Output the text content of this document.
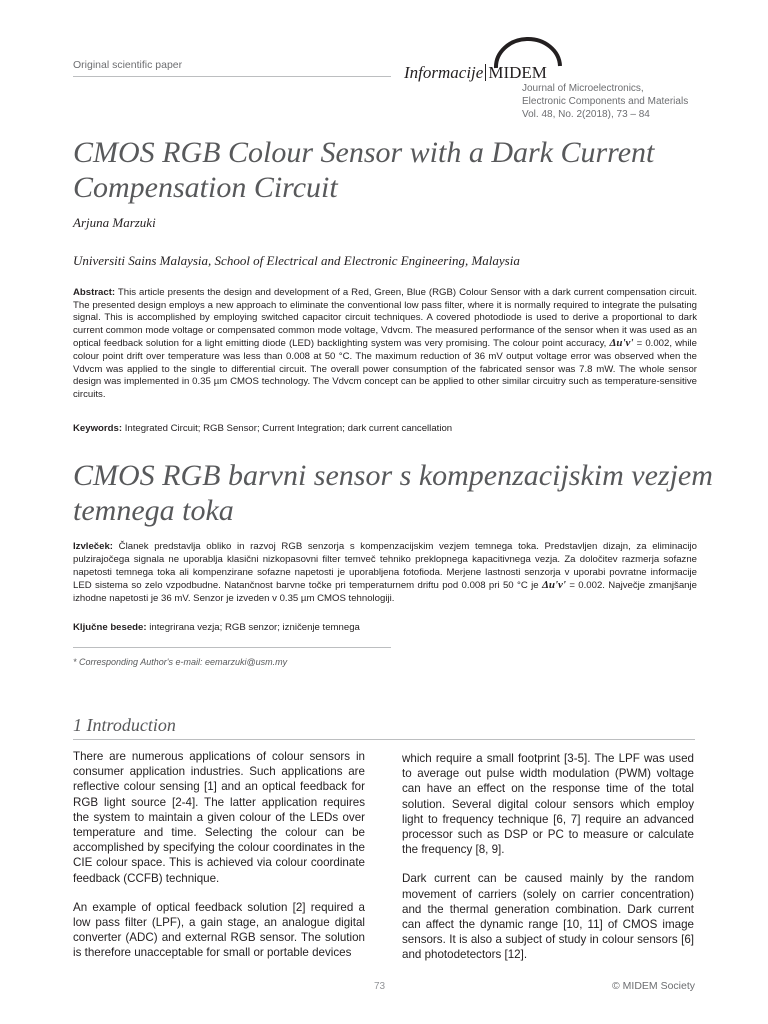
Original scientific paper	Informacije MIDEM
Journal of Microelectronics,
Electronic Components and Materials
Vol. 48, No. 2(2018), 73 – 84
CMOS RGB Colour Sensor with a Dark Current Compensation Circuit
Arjuna Marzuki
Universiti Sains Malaysia, School of Electrical and Electronic Engineering, Malaysia
Abstract: This article presents the design and development of a Red, Green, Blue (RGB) Colour Sensor with a dark current compensation circuit. The presented design employs a new approach to eliminate the conventional low pass filter, where it is normally required to integrate the pulsating signal. This is accomplished by employing switched capacitor circuit techniques. A covered photodiode is used to derive a proportional to dark current common mode voltage or compensated common mode voltage, Vdvcm. The measured performance of the sensor when it was used as an optical feedback solution for a light emitting diode (LED) backlighting system was very promising. The colour point accuracy, Δu'v' = 0.002, while colour point drift over temperature was less than 0.008 at 50 °C. The maximum reduction of 36 mV output voltage error was observed when the Vdvcm was applied to the single to differential circuit. The overall power consumption of the fabricated sensor was 7.8 mW. The whole sensor design was implemented in 0.35 µm CMOS technology. The Vdvcm concept can be applied to other similar circuitry such as temperature-sensitive circuits.
Keywords: Integrated Circuit; RGB Sensor; Current Integration; dark current cancellation
CMOS RGB barvni sensor s kompenzacijskim vezjem temnega toka
Izvleček: Članek predstavlja obliko in razvoj RGB senzorja s kompenzacijskim vezjem temnega toka. Predstavljen dizajn, za eliminacijo pulzirajočega signala ne uporablja klasični nizkopasovni filter temveč tehniko preklopnega kapacitivnega vezja. Za določitev razmerja sofazne napetosti temnega toka ali kompenzirane sofazne napetosti je uporabljena fotofioda. Merjene lastnosti senzorja v uporabi povratne informacije LED sistema so zelo vzpodbudne. Natančnost barvne točke pri temperaturnem driftu pod 0.008 pri 50 °C je Δu'v' = 0.002. Največje zmanjšanje izhodne napetosti je 36 mV. Senzor je izveden v 0.35 µm CMOS tehnologiji.
Ključne besede: integrirana vezja; RGB senzor; izničenje temnega
* Corresponding Author's e-mail: eemarzuki@usm.my
1 Introduction

There are numerous applications of colour sensors in consumer application industries. Such applications are reflective colour sensing [1] and an optical feedback for RGB light source [2-4]. The latter application requires the system to maintain a given colour of the LEDs over temperature and time. Selecting the colour can be accomplished by specifying the colour coordinates in the CIE colour space. This is achieved via colour coordinate feedback (CCFB) technique.

An example of optical feedback solution [2] required a low pass filter (LPF), a gain stage, an analogue digital converter (ADC) and external RGB sensor. The solution is therefore unacceptable for small or portable devices

which require a small footprint [3-5]. The LPF was used to average out pulse width modulation (PWM) voltage can have an effect on the response time of the total solution. Several digital colour sensors which employ light to frequency technique [6, 7] require an advanced processor such as DSP or PC to measure or calculate the frequency [8, 9].

Dark current can be caused mainly by the random movement of carriers (solely on carrier concentration) and the thermal generation combination. Dark current can affect the dynamic range [10, 11] of CMOS image sensors. It is also a subject of study in colour sensors [6] and photodetectors [12].

73	© MIDEM Society
